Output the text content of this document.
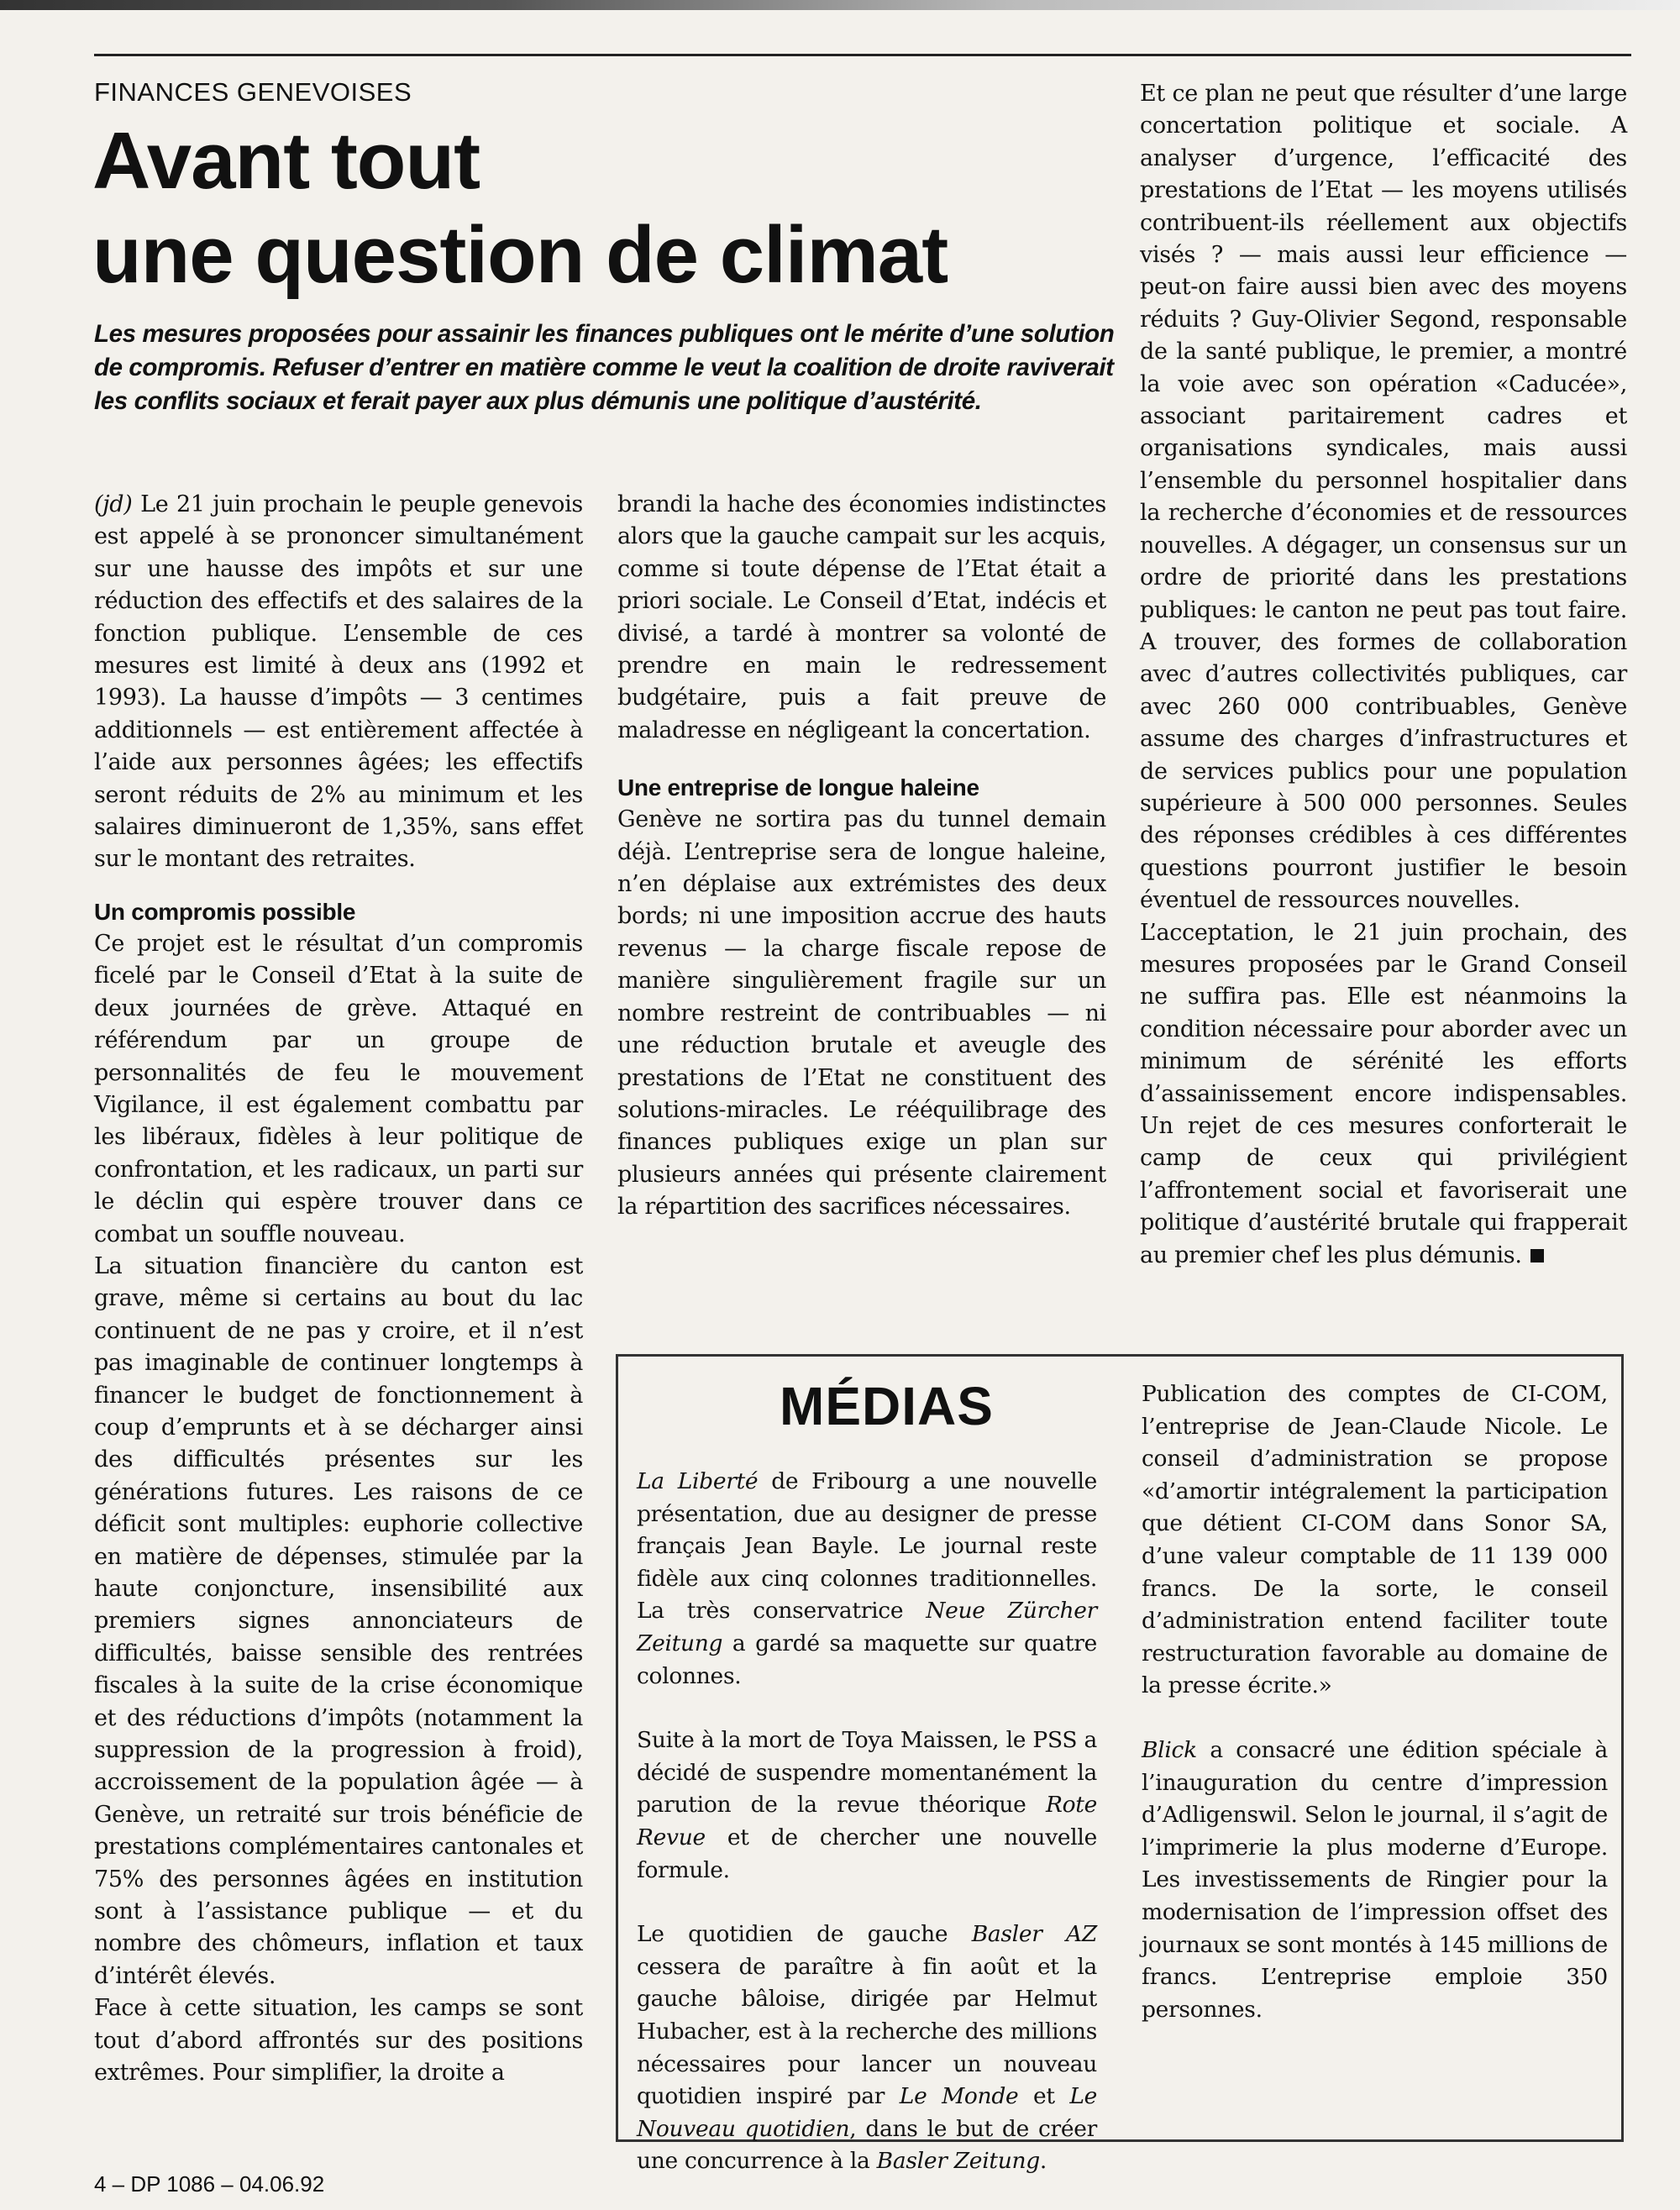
FINANCES GENEVOISES
Avant tout
une question de climat

Les mesures proposées pour assainir les finances publiques ont le mérite d’une solution de compromis. Refuser d’entrer en matière comme le veut la coalition de droite raviverait les conflits sociaux et ferait payer aux plus démunis une politique d’austérité.

(jd) Le 21 juin prochain le peuple genevois est appelé à se prononcer simultanément sur une hausse des impôts et sur une réduction des effectifs et des salaires de la fonction publique. L’ensemble de ces mesures est limité à deux ans (1992 et 1993). La hausse d’impôts — 3 centimes additionnels — est entièrement affectée à l’aide aux personnes âgées; les effectifs seront réduits de 2% au minimum et les salaires diminueront de 1,35%, sans effet sur le montant des retraites.

Un compromis possible

Ce projet est le résultat d’un compromis ficelé par le Conseil d’Etat à la suite de deux journées de grève. Attaqué en référendum par un groupe de personnalités de feu le mouvement Vigilance, il est également combattu par les libéraux, fidèles à leur politique de confrontation, et les radicaux, un parti sur le déclin qui espère trouver dans ce combat un souffle nouveau.

La situation financière du canton est grave, même si certains au bout du lac continuent de ne pas y croire, et il n’est pas imaginable de continuer longtemps à financer le budget de fonctionnement à coup d’emprunts et à se décharger ainsi des difficultés présentes sur les générations futures. Les raisons de ce déficit sont multiples: euphorie collective en matière de dépenses, stimulée par la haute conjoncture, insensibilité aux premiers signes annonciateurs de difficultés, baisse sensible des rentrées fiscales à la suite de la crise économique et des réductions d’impôts (notamment la suppression de la progression à froid), accroissement de la population âgée — à Genève, un retraité sur trois bénéficie de prestations complémentaires cantonales et 75% des personnes âgées en institution sont à l’assistance publique — et du nombre des chômeurs, inflation et taux d’intérêt élevés.

Face à cette situation, les camps se sont tout d’abord affrontés sur des positions extrêmes. Pour simplifier, la droite a

brandi la hache des économies indistinctes alors que la gauche campait sur les acquis, comme si toute dépense de l’Etat était a priori sociale. Le Conseil d’Etat, indécis et divisé, a tardé à montrer sa volonté de prendre en main le redressement budgétaire, puis a fait preuve de maladresse en négligeant la concertation.

Une entreprise de longue haleine

Genève ne sortira pas du tunnel demain déjà. L’entreprise sera de longue haleine, n’en déplaise aux extrémistes des deux bords; ni une imposition accrue des hauts revenus — la charge fiscale repose de manière singulièrement fragile sur un nombre restreint de contribuables — ni une réduction brutale et aveugle des prestations de l’Etat ne constituent des solutions-miracles. Le rééquilibrage des finances publiques exige un plan sur plusieurs années qui présente clairement la répartition des sacrifices nécessaires.

Et ce plan ne peut que résulter d’une large concertation politique et sociale. A analyser d’urgence, l’efficacité des prestations de l’Etat — les moyens utilisés contribuent-ils réellement aux objectifs visés ? — mais aussi leur efficience — peut-on faire aussi bien avec des moyens réduits ? Guy-Olivier Segond, responsable de la santé publique, le premier, a montré la voie avec son opération «Caducée», associant paritairement cadres et organisations syndicales, mais aussi l’ensemble du personnel hospitalier dans la recherche d’économies et de ressources nouvelles. A dégager, un consensus sur un ordre de priorité dans les prestations publiques: le canton ne peut pas tout faire. A trouver, des formes de collaboration avec d’autres collectivités publiques, car avec 260 000 contribuables, Genève assume des charges d’infrastructures et de services publics pour une population supérieure à 500 000 personnes. Seules des réponses crédibles à ces différentes questions pourront justifier le besoin éventuel de ressources nouvelles.

L’acceptation, le 21 juin prochain, des mesures proposées par le Grand Conseil ne suffira pas. Elle est néanmoins la condition nécessaire pour aborder avec un minimum de sérénité les efforts d’assainissement encore indispensables. Un rejet de ces mesures conforterait le camp de ceux qui privilégient l’affrontement social et favoriserait une politique d’austérité brutale qui frapperait au premier chef les plus démunis.

MÉDIAS

La Liberté de Fribourg a une nouvelle présentation, due au designer de presse français Jean Bayle. Le journal reste fidèle aux cinq colonnes traditionnelles. La très conservatrice Neue Zürcher Zeitung a gardé sa maquette sur quatre colonnes.

Suite à la mort de Toya Maissen, le PSS a décidé de suspendre momentanément la parution de la revue théorique Rote Revue et de chercher une nouvelle formule.

Le quotidien de gauche Basler AZ cessera de paraître à fin août et la gauche bâloise, dirigée par Helmut Hubacher, est à la recherche des millions nécessaires pour lancer un nouveau quotidien inspiré par Le Monde et Le Nouveau quotidien, dans le but de créer une concurrence à la Basler Zeitung.

Publication des comptes de CI-COM, l’entreprise de Jean-Claude Nicole. Le conseil d’administration se propose «d’amortir intégralement la participation que détient CI-COM dans Sonor SA, d’une valeur comptable de 11 139 000 francs. De la sorte, le conseil d’administration entend faciliter toute restructuration favorable au domaine de la presse écrite.»

Blick a consacré une édition spéciale à l’inauguration du centre d’impression d’Adligenswil. Selon le journal, il s’agit de l’imprimerie la plus moderne d’Europe. Les investissements de Ringier pour la modernisation de l’impression offset des journaux se sont montés à 145 millions de francs. L’entreprise emploie 350 personnes.

4 – DP 1086 – 04.06.92
